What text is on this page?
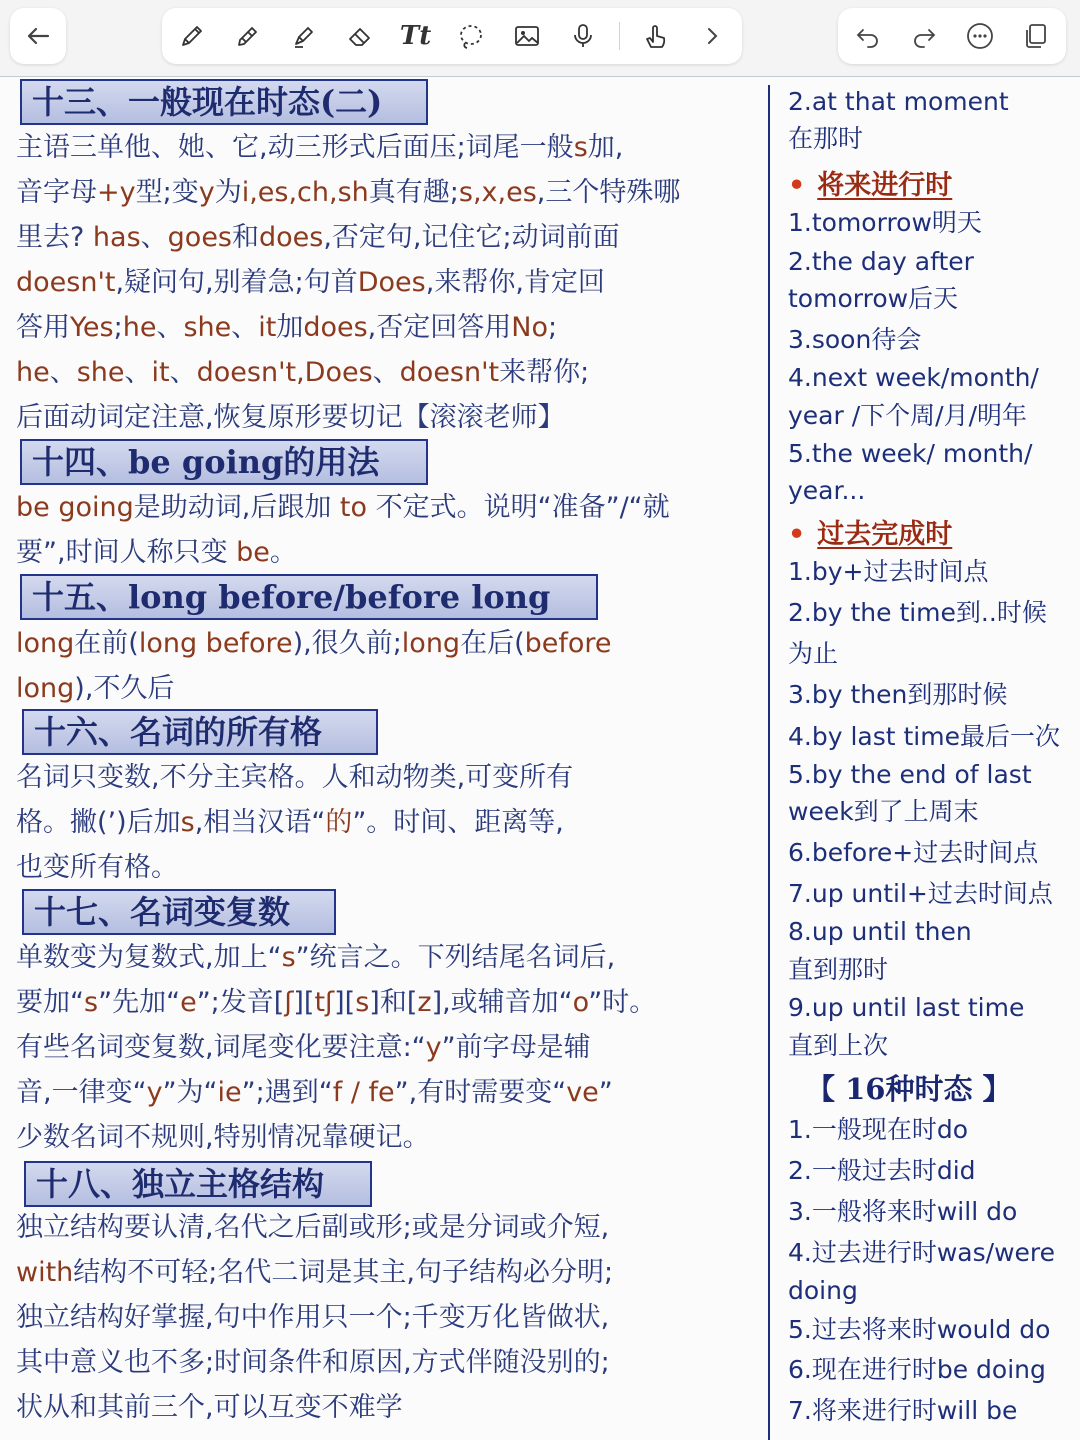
Tt
十三、一般现在时态(二)
主语三单他、她、它,动三形式后面压;词尾一般s加,
音字母+y型;变y为i,es,ch,sh真有趣;s,x,es,三个特殊哪
里去? has、goes和does,否定句,记住它;动词前面
doesn't,疑问句,别着急;句首Does,来帮你,肯定回
答用Yes;he、she、it加does,否定回答用No;
he、she、it、doesn't,Does、doesn't来帮你;
后面动词定注意,恢复原形要切记【滚滚老师】
十四、be going的用法
be going是助动词,后跟加 to 不定式。说明“准备”/“就
要”,时间人称只变 be。
十五、long before/before long
long在前(long before),很久前;long在后(before
long),不久后
十六、名词的所有格
名词只变数,不分主宾格。人和动物类,可变所有
格。撇(’)后加s,相当汉语“的”。时间、距离等,
也变所有格。
十七、名词变复数
单数变为复数式,加上“s”统言之。下列结尾名词后,
要加“s”先加“e”;发音[ʃ][tʃ][s]和[z],或辅音加“o”时。
有些名词变复数,词尾变化要注意:“y”前字母是辅
音,一律变“y”为“ie”;遇到“f / fe”,有时需要变“ve”
少数名词不规则,特别情况靠硬记。
十八、独立主格结构
独立结构要认清,名代之后副或形;或是分词或介短,
with结构不可轻;名代二词是其主,句子结构必分明;
独立结构好掌握,句中作用只一个;千变万化皆做状,
其中意义也不多;时间条件和原因,方式伴随没别的;
状从和其前三个,可以互变不难学
2.at that moment
在那时
• 将来进行时
1.tomorrow明天
2.the day after
tomorrow后天
3.soon待会
4.next week/month/
year /下个周/月/明年
5.the week/ month/
year...
• 过去完成时
1.by+过去时间点
2.by the time到..时候
为止
3.by then到那时候
4.by last time最后一次
5.by the end of last
week到了上周末
6.before+过去时间点
7.up until+过去时间点
8.up until then
直到那时
9.up until last time
直到上次
【 16种时态 】
1.一般现在时do
2.一般过去时did
3.一般将来时will do
4.过去进行时was/were
doing
5.过去将来时would do
6.现在进行时be doing
7.将来进行时will be
